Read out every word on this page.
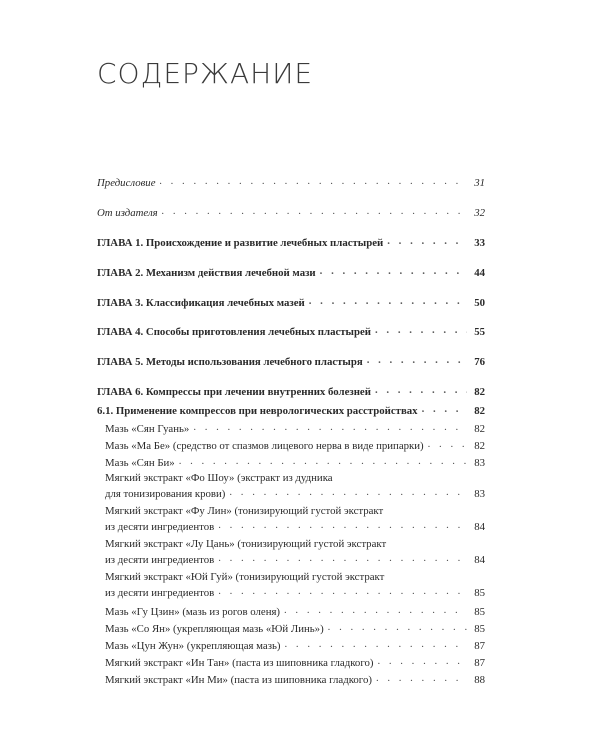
СОДЕРЖАНИЕ
Предисловие . . .	31
От издателя . . .	32
ГЛАВА 1. Происхождение и развитие лечебных пластырей . . .	33
ГЛАВА 2. Механизм действия лечебной мази . . .	44
ГЛАВА 3. Классификация лечебных мазей . . .	50
ГЛАВА 4. Способы приготовления лечебных пластырей . . .	55
ГЛАВА 5. Методы использования лечебного пластыря . . .	76
ГЛАВА 6. Компрессы при лечении внутренних болезней . . .	82
6.1. Применение компрессов при неврологических расстройствах . . .	82
Мазь «Сян Гуань» . . .	82
Мазь «Ма Бе» (средство от спазмов лицевого нерва в виде припарки) . . .	82
Мазь «Сян Би» . . .	83
Мягкий экстракт «Фо Шоу» (экстракт из дудника
для тонизирования крови) . . .	83
Мягкий экстракт «Фу Лин» (тонизирующий густой экстракт
из десяти ингредиентов . . .	84
Мягкий экстракт «Лу Цань» (тонизирующий густой экстракт
из десяти ингредиентов . . .	84
Мягкий экстракт «Юй Гуй» (тонизирующий густой экстракт
из десяти ингредиентов . . .	85
Мазь «Гу Цзин» (мазь из рогов оленя) . . .	85
Мазь «Со Ян» (укрепляющая мазь «Юй Линь») . . .	85
Мазь «Цун Жун» (укрепляющая мазь) . . .	87
Мягкий экстракт «Ин Тан» (паста из шиповника гладкого) . . .	87
Мягкий экстракт «Ин Ми» (паста из шиповника гладкого) . . .	88
